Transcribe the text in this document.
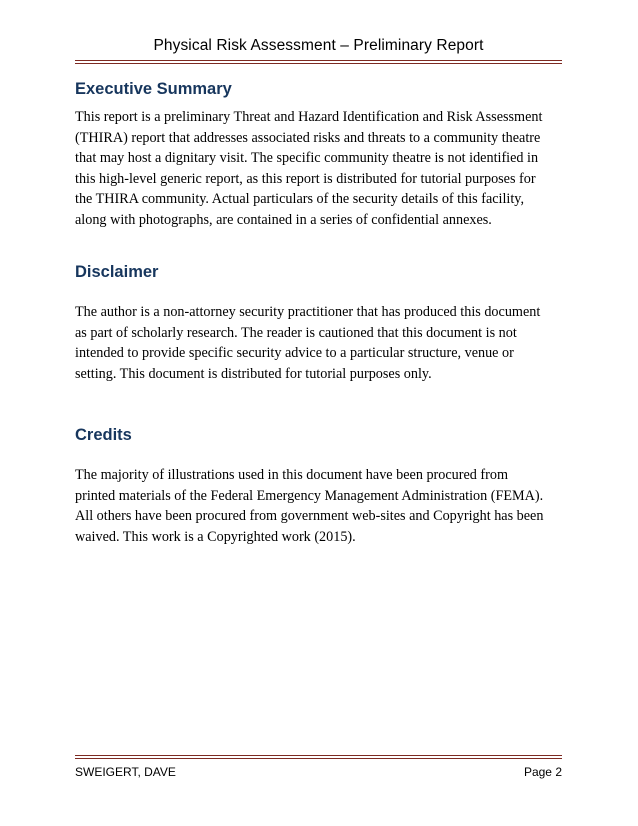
Physical Risk Assessment – Preliminary Report
Executive Summary

This report is a preliminary Threat and Hazard Identification and Risk Assessment
(THIRA) report that addresses associated risks and threats to a community theatre
that may host a dignitary visit. The specific community theatre is not identified in
this high-level generic report, as this report is distributed for tutorial purposes for
the THIRA community. Actual particulars of the security details of this facility,
along with photographs, are contained in a series of confidential annexes.

Disclaimer

The author is a non-attorney security practitioner that has produced this document
as part of scholarly research. The reader is cautioned that this document is not
intended to provide specific security advice to a particular structure, venue or
setting. This document is distributed for tutorial purposes only.

Credits

The majority of illustrations used in this document have been procured from
printed materials of the Federal Emergency Management Administration (FEMA).
All others have been procured from government web-sites and Copyright has been
waived. This work is a Copyrighted work (2015).

SWEIGERT, DAVE	Page 2
